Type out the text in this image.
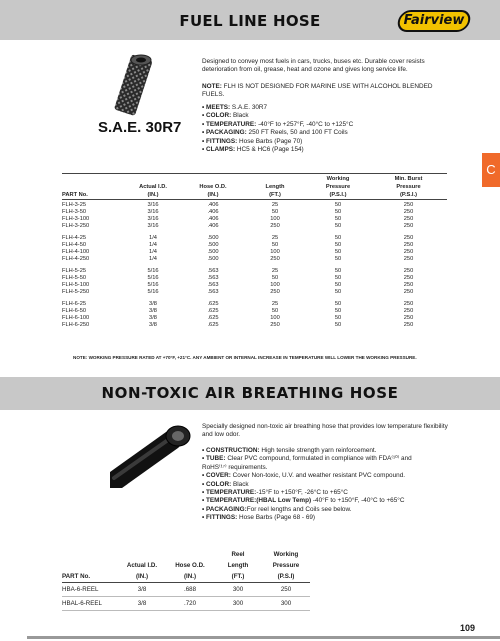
FUEL LINE HOSE	Fairview
C
S.A.E. 30R7
Designed to convey most fuels in cars, trucks, buses etc. Durable cover resists deterioration from oil, grease, heat and ozone and gives long service life.
NOTE: FLH IS NOT DESIGNED FOR MARINE USE WITH ALCOHOL BLENDED FUELS.
• MEETS: S.A.E. 30R7
• COLOR: Black
• TEMPERATURE: -40°F to +257°F, -40°C to +125°C
• PACKAGING: 250 FT Reels, 50 and 100 FT Coils
• FITTINGS: Hose Barbs (Page 70)
• CLAMPS: HC5 & HC6 (Page 154)
				Working	Min. Burst
	Actual I.D.	Hose O.D.	Length	Pressure	Pressure
PART No.	(IN.)	(IN.)	(FT.)	(P.S.I.)	(P.S.I.)

FLH-3-25	3/16	.406	25	50	250
FLH-3-50	3/16	.406	50	50	250
FLH-3-100	3/16	.406	100	50	250
FLH-3-250	3/16	.406	250	50	250

FLH-4-25	1/4	.500	25	50	250
FLH-4-50	1/4	.500	50	50	250
FLH-4-100	1/4	.500	100	50	250
FLH-4-250	1/4	.500	250	50	250

FLH-5-25	5/16	.563	25	50	250
FLH-5-50	5/16	.563	50	50	250
FLH-5-100	5/16	.563	100	50	250
FLH-5-250	5/16	.563	250	50	250

FLH-6-25	3/8	.625	25	50	250
FLH-6-50	3/8	.625	50	50	250
FLH-6-100	3/8	.625	100	50	250
FLH-6-250	3/8	.625	250	50	250
NOTE: WORKING PRESSURE RATED AT +70°F, +21°C. ANY AMBIENT OR INTERNAL INCREASE IN TEMPERATURE WILL LOWER THE WORKING PRESSURE.
NON-TOXIC AIR BREATHING HOSE
Specially designed non-toxic air breathing hose that provides low temperature flexibility and low odor.
• CONSTRUCTION: High tensile strength yarn reinforcement.
• TUBE: Clear PVC compound, formulated in compliance with FDA⁽¹⁰⁾ and
RoHS⁽¹⁷⁾ requirements.
• COVER: Cover Non-toxic, U.V. and weather resistant PVC compound.
• COLOR: Black
• TEMPERATURE:-15°F to +150°F, -26°C to +65°C
• TEMPERATURE:(HBAL Low Temp) -40°F to +150°F, -40°C to +65°C
• PACKAGING:For reel lengths and Coils see below.
• FITTINGS: Hose Barbs (Page 68 - 69)
			Reel	Working
	Actual I.D.	Hose O.D.	Length	Pressure
PART No.	(IN.)	(IN.)	(FT.)	(P.S.I)
HBA-6-REEL	3/8	.688	300	250
HBAL-6-REEL	3/8	.720	300	300
109
